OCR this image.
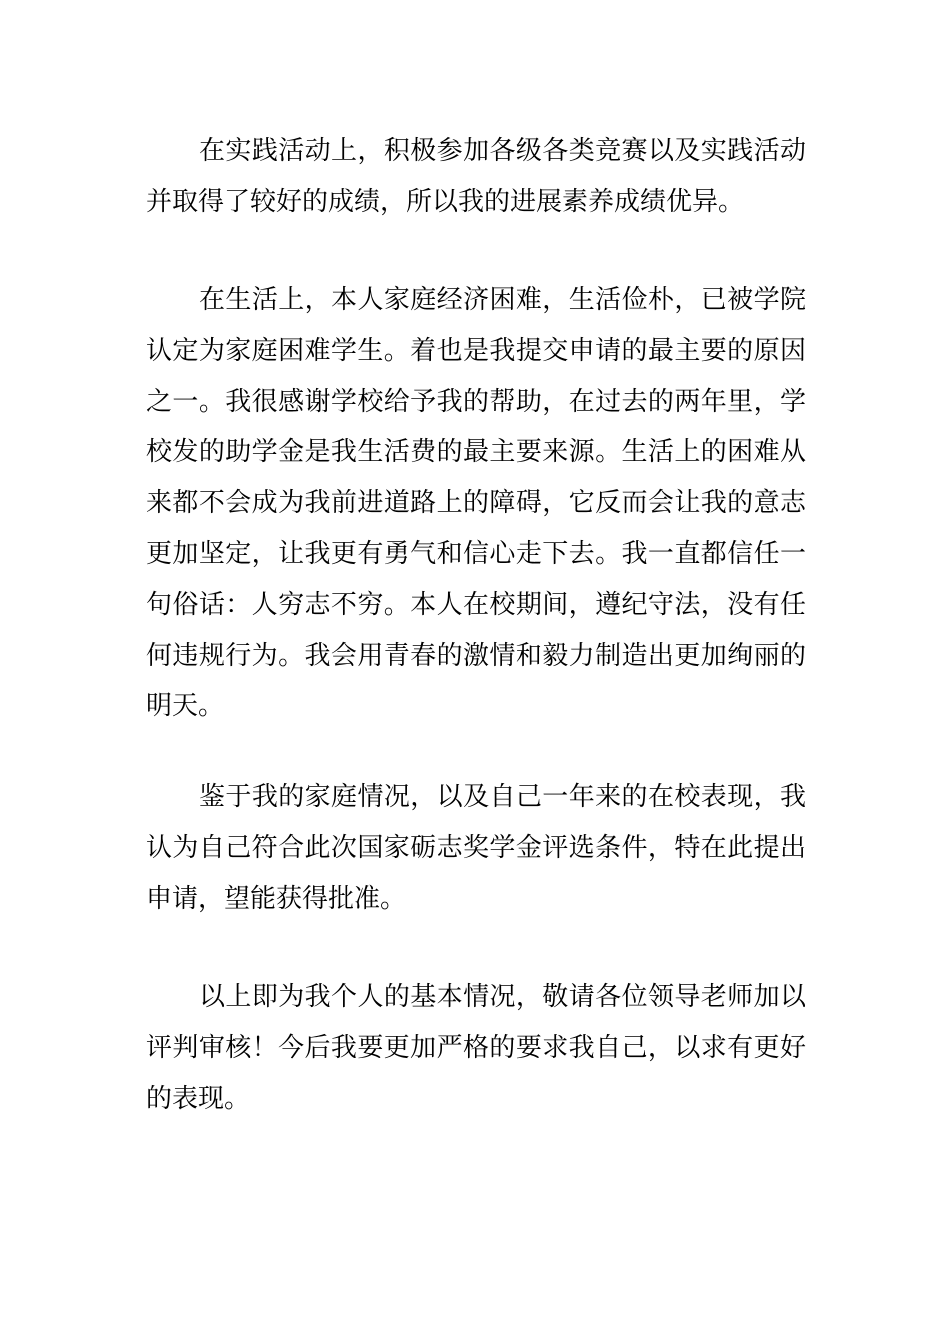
在实践活动上，积极参加各级各类竞赛以及实践活动并取得了较好的成绩，所以我的进展素养成绩优异。

在生活上，本人家庭经济困难，生活俭朴，已被学院认定为家庭困难学生。着也是我提交申请的最主要的原因之一。我很感谢学校给予我的帮助，在过去的两年里，学校发的助学金是我生活费的最主要来源。生活上的困难从来都不会成为我前进道路上的障碍，它反而会让我的意志更加坚定，让我更有勇气和信心走下去。我一直都信任一句俗话：人穷志不穷。本人在校期间，遵纪守法，没有任何违规行为。我会用青春的激情和毅力制造出更加绚丽的明天。

鉴于我的家庭情况，以及自己一年来的在校表现，我认为自己符合此次国家砺志奖学金评选条件，特在此提出申请，望能获得批准。

以上即为我个人的基本情况，敬请各位领导老师加以评判审核！今后我要更加严格的要求我自己，以求有更好的表现。
